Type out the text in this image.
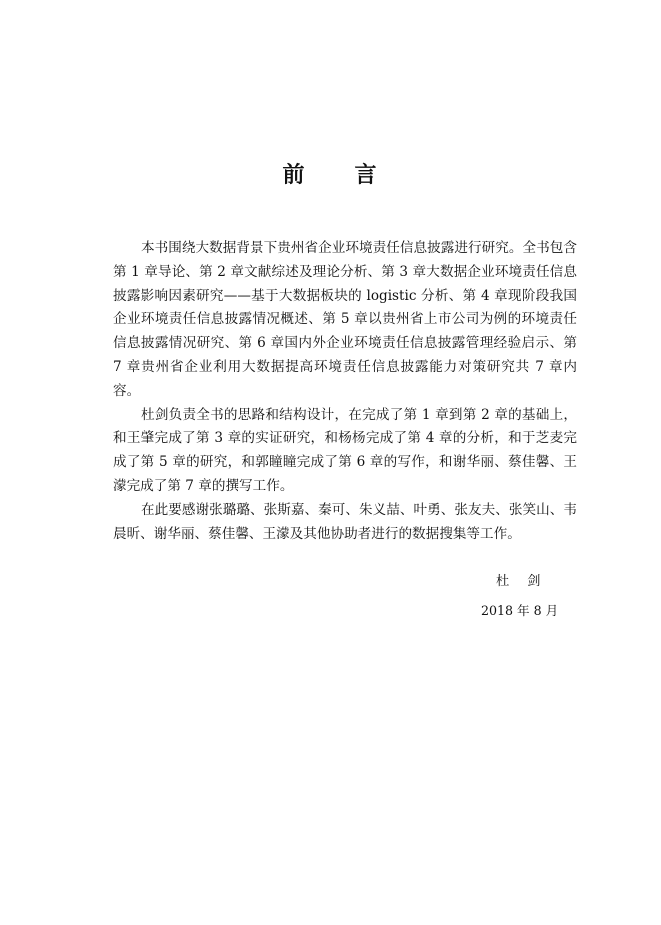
前 言

本书围绕大数据背景下贵州省企业环境责任信息披露进行研究。全书包含第 1 章导论、第 2 章文献综述及理论分析、第 3 章大数据企业环境责任信息披露影响因素研究——基于大数据板块的 logistic 分析、第 4 章现阶段我国企业环境责任信息披露情况概述、第 5 章以贵州省上市公司为例的环境责任信息披露情况研究、第 6 章国内外企业环境责任信息披露管理经验启示、第 7 章贵州省企业利用大数据提高环境责任信息披露能力对策研究共 7 章内容。

杜剑负责全书的思路和结构设计，在完成了第 1 章到第 2 章的基础上，和王肇完成了第 3 章的实证研究，和杨杨完成了第 4 章的分析，和于芝麦完成了第 5 章的研究，和郭瞳瞳完成了第 6 章的写作，和谢华丽、蔡佳馨、王濛完成了第 7 章的撰写工作。

在此要感谢张璐璐、张斯嘉、秦可、朱义喆、叶勇、张友夫、张笑山、韦晨昕、谢华丽、蔡佳馨、王濛及其他协助者进行的数据搜集等工作。

杜 剑
2018 年 8 月
